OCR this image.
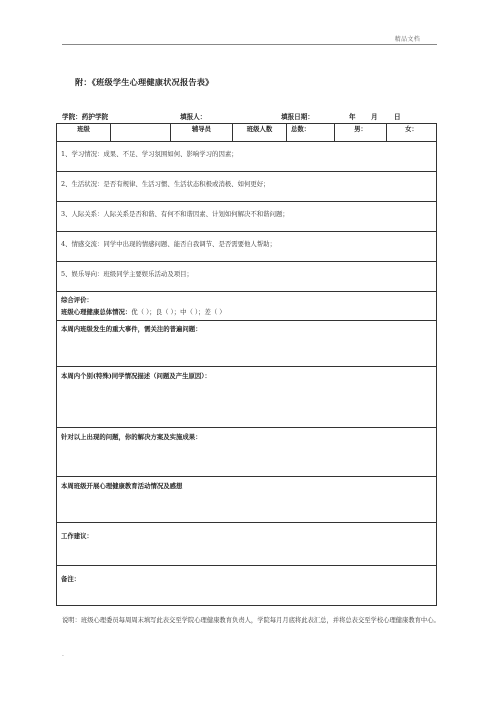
精品文档
附：《班级学生心理健康状况报告表》
学院：药护学院	填报人：	填报日期：	年 月 日
班级		辅导员	班级人数	总数：	男：	女：

1、学习情况：成果、不足、学习氛围如何、影响学习的因素；

2、生活状况：是否有规律、生活习惯、生活状态积极或消极、如何更好；

3、人际关系：人际关系是否和谐、有何不和谐因素、计划如何解决不和谐问题；

4、情感交流：同学中出现的情感问题、能否自我调节、是否需要他人帮助；

5、娱乐导向：班级同学主要娱乐活动及项目；

综合评价：
班级心理健康总体情况：优（ ）；良（ ）；中（ ）；差（ ）

本周内班级发生的重大事件，需关注的普遍问题：

本周内个别(特殊)同学情况描述（问题及产生原因）：

针对以上出现的问题，你的解决方案及实施成果：

本周班级开展心理健康教育活动情况及感想

工作建议：

备注：
说明：班级心理委员每周周末填写此表交至学院心理健康教育负责人，学院每月月底将此表汇总，并将总表交至学校心理健康教育中心。
.
